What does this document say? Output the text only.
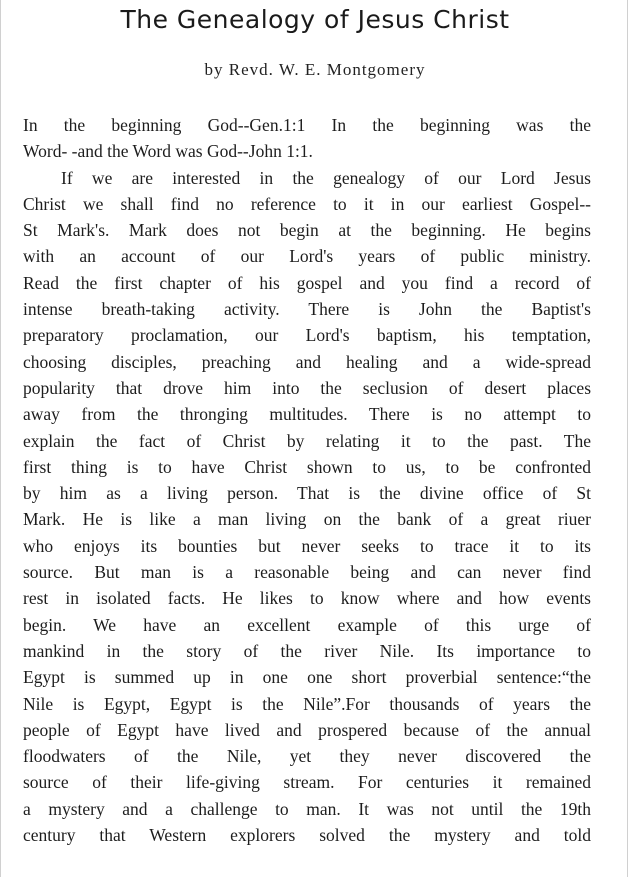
The Genealogy of Jesus Christ
by Revd. W. E. Montgomery
In the beginning God--Gen.1:1 In the beginning was the
Word- -and the Word was God--John 1:1.
If we are interested in the genealogy of our Lord Jesus
Christ we shall find no reference to it in our earliest Gospel--
St Mark's. Mark does not begin at the beginning. He begins
with an account of our Lord's years of public ministry.
Read the first chapter of his gospel and you find a record of
intense breath-taking activity. There is John the Baptist's
preparatory proclamation, our Lord's baptism, his temptation,
choosing disciples, preaching and healing and a wide-spread
popularity that drove him into the seclusion of desert places
away from the thronging multitudes. There is no attempt to
explain the fact of Christ by relating it to the past. The
first thing is to have Christ shown to us, to be confronted
by him as a living person. That is the divine office of St
Mark. He is like a man living on the bank of a great riuer
who enjoys its bounties but never seeks to trace it to its
source. But man is a reasonable being and can never find
rest in isolated facts. He likes to know where and how events
begin. We have an excellent example of this urge of
mankind in the story of the river Nile. Its importance to
Egypt is summed up in one one short proverbial sentence:“the
Nile is Egypt, Egypt is the Nile”.For thousands of years the
people of Egypt have lived and prospered because of the annual
floodwaters of the Nile, yet they never discovered the
source of their life-giving stream. For centuries it remained
a mystery and a challenge to man. It was not until the 19th
century that Western explorers solved the mystery and told
